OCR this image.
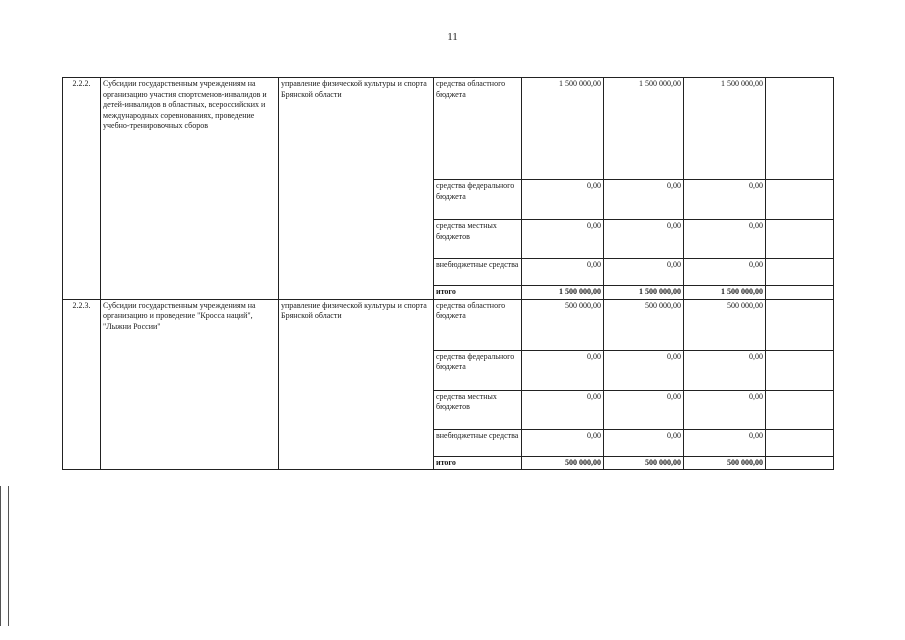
11
2.2.2.	Субсидии государственным учреждениям на организацию участия спортсменов-инвалидов и детей-инвалидов в областных, всероссийских и международных соревнованиях, проведение учебно-тренировочных сборов	управление физической культуры и спорта Брянской области	средства областного бюджета	1 500 000,00	1 500 000,00	1 500 000,00	
			средства федерального бюджета	0,00	0,00	0,00	
			средства местных бюджетов	0,00	0,00	0,00	
			внебюджетные средства	0,00	0,00	0,00	
			итого	1 500 000,00	1 500 000,00	1 500 000,00	
2.2.3.	Субсидии государственным учреждениям на организацию и проведение "Кросса наций", "Лыжни России"	управление физической культуры и спорта Брянской области	средства областного бюджета	500 000,00	500 000,00	500 000,00	
			средства федерального бюджета	0,00	0,00	0,00	
			средства местных бюджетов	0,00	0,00	0,00	
			внебюджетные средства	0,00	0,00	0,00	
			итого	500 000,00	500 000,00	500 000,00	
